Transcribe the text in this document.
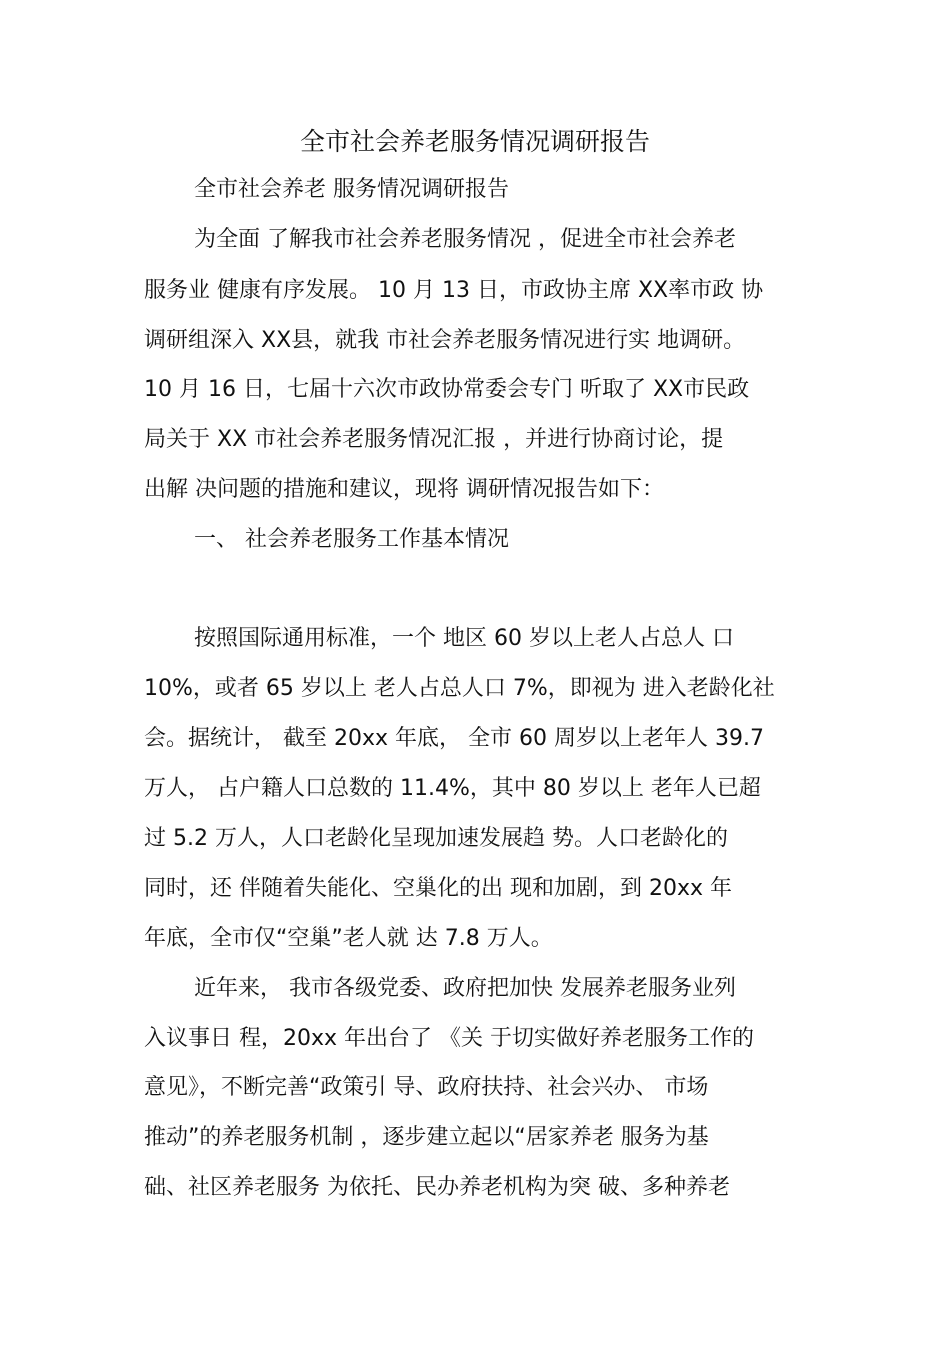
全市社会养老服务情况调研报告
全市社会养老 服务情况调研报告
为全面 了解我市社会养老服务情况 ，促进全市社会养老
服务业 健康有序发展。 10 月 13 日，市政协主席 XX率市政 协
调研组深入 XX县，就我 市社会养老服务情况进行实 地调研。
10 月 16 日，七届十六次市政协常委会专门 听取了 XX市民政
局关于 XX 市社会养老服务情况汇报 ，并进行协商讨论，提
出解 决问题的措施和建议，现将 调研情况报告如下：
一、 社会养老服务工作基本情况
按照国际通用标准，一个 地区 60 岁以上老人占总人 口
10%，或者 65 岁以上 老人占总人口 7%，即视为 进入老龄化社
会。据统计， 截至 20xx 年底， 全市 60 周岁以上老年人 39.7
万人， 占户籍人口总数的 11.4%，其中 80 岁以上 老年人已超
过 5.2 万人，人口老龄化呈现加速发展趋 势。人口老龄化的
同时，还 伴随着失能化、空巢化的出 现和加剧，到 20xx 年
年底，全市仅“空巢”老人就 达 7.8 万人。
近年来， 我市各级党委、政府把加快 发展养老服务业列
入议事日 程，20xx 年出台了 《关 于切实做好养老服务工作的
意见》，不断完善“政策引 导、政府扶持、社会兴办、 市场
推动”的养老服务机制 ，逐步建立起以“居家养老 服务为基
础、社区养老服务 为依托、民办养老机构为突 破、多种养老
